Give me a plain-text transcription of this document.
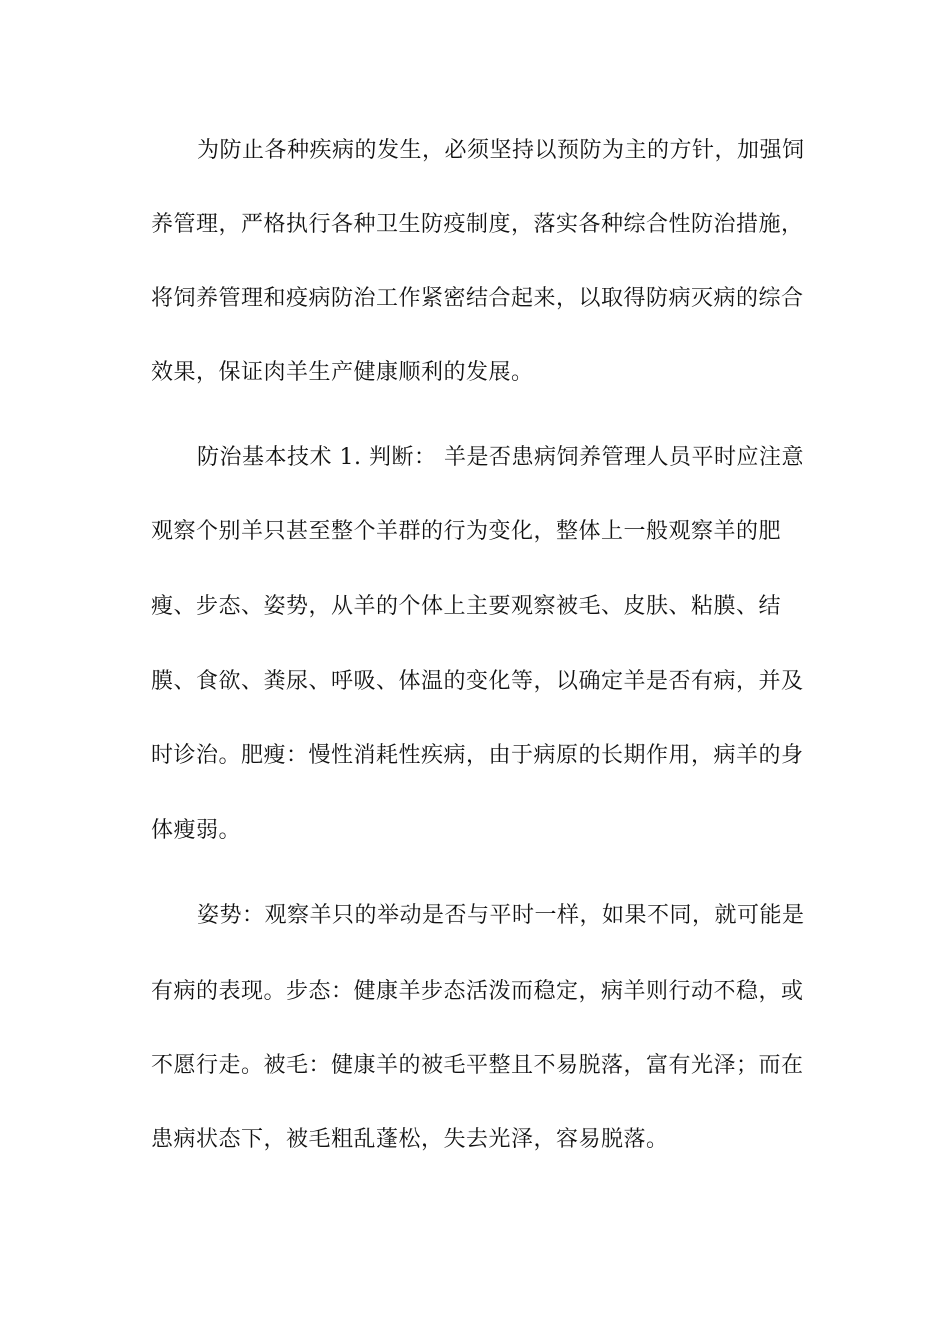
为防止各种疾病的发生，必须坚持以预防为主的方针，加强饲
养管理，严格执行各种卫生防疫制度，落实各种综合性防治措施，
将饲养管理和疫病防治工作紧密结合起来，以取得防病灭病的综合
效果，保证肉羊生产健康顺利的发展。
防治基本技术 1. 判断： 羊是否患病饲养管理人员平时应注意
观察个别羊只甚至整个羊群的行为变化，整体上一般观察羊的肥
瘦、步态、姿势，从羊的个体上主要观察被毛、皮肤、粘膜、结
膜、食欲、粪尿、呼吸、体温的变化等，以确定羊是否有病，并及
时诊治。肥瘦：慢性消耗性疾病，由于病原的长期作用，病羊的身
体瘦弱。
姿势：观察羊只的举动是否与平时一样，如果不同，就可能是
有病的表现。步态：健康羊步态活泼而稳定，病羊则行动不稳，或
不愿行走。被毛：健康羊的被毛平整且不易脱落，富有光泽；而在
患病状态下，被毛粗乱蓬松，失去光泽，容易脱落。
